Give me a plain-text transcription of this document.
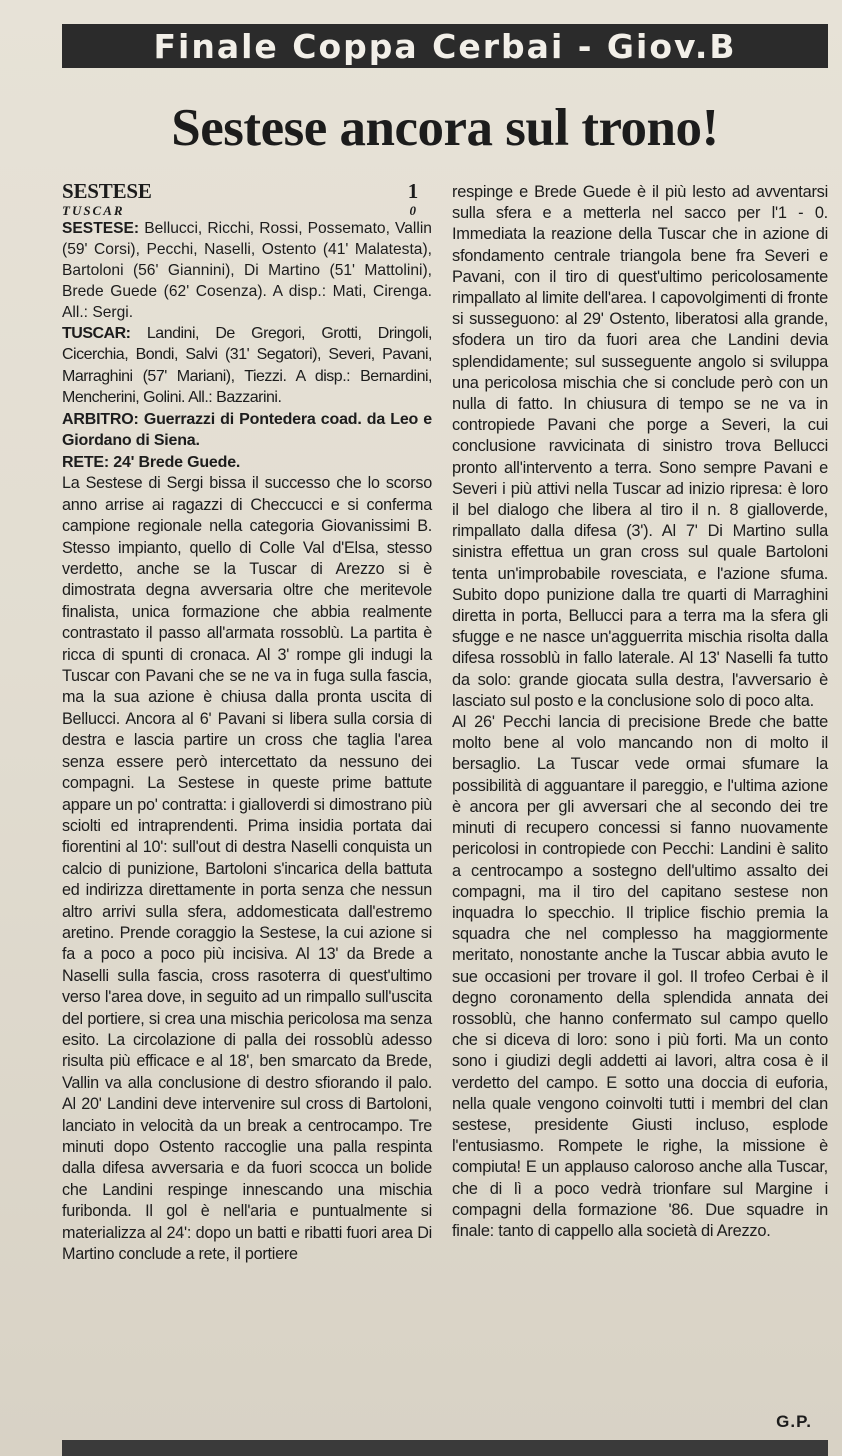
Finale Coppa Cerbai - Giov.B
Sestese ancora sul trono!
SESTESE	1
TUSCAR	0
SESTESE: Bellucci, Ricchi, Rossi, Possemato, Vallin (59' Corsi), Pecchi, Naselli, Ostento (41' Malatesta), Bartoloni (56' Giannini), Di Martino (51' Mattolini), Brede Guede (62' Cosenza). A disp.: Mati, Cirenga. All.: Sergi.
TUSCAR: Landini, De Gregori, Grotti, Dringoli, Cicerchia, Bondi, Salvi (31' Segatori), Severi, Pavani, Marraghini (57' Mariani), Tiezzi. A disp.: Bernardini, Mencherini, Golini. All.: Bazzarini.
ARBITRO: Guerrazzi di Pontedera coad. da Leo e Giordano di Siena.
RETE: 24' Brede Guede.

La Sestese di Sergi bissa il successo che lo scorso anno arrise ai ragazzi di Checcucci e si conferma campione regionale nella categoria Giovanissimi B. Stesso impianto, quello di Colle Val d'Elsa, stesso verdetto, anche se la Tuscar di Arezzo si è dimostrata degna avversaria oltre che meritevole finalista, unica formazione che abbia realmente contrastato il passo all'armata rossoblù. La partita è ricca di spunti di cronaca. Al 3' rompe gli indugi la Tuscar con Pavani che se ne va in fuga sulla fascia, ma la sua azione è chiusa dalla pronta uscita di Bellucci. Ancora al 6' Pavani si libera sulla corsia di destra e lascia partire un cross che taglia l'area senza essere però intercettato da nessuno dei compagni. La Sestese in queste prime battute appare un po' contratta: i gialloverdi si dimostrano più sciolti ed intraprendenti. Prima insidia portata dai fiorentini al 10': sull'out di destra Naselli conquista un calcio di punizione, Bartoloni s'incarica della battuta ed indirizza direttamente in porta senza che nessun altro arrivi sulla sfera, addomesticata dall'estremo aretino. Prende coraggio la Sestese, la cui azione si fa a poco a poco più incisiva. Al 13' da Brede a Naselli sulla fascia, cross rasoterra di quest'ultimo verso l'area dove, in seguito ad un rimpallo sull'uscita del portiere, si crea una mischia pericolosa ma senza esito. La circolazione di palla dei rossoblù adesso risulta più efficace e al 18', ben smarcato da Brede, Vallin va alla conclusione di destro sfiorando il palo. Al 20' Landini deve intervenire sul cross di Bartoloni, lanciato in velocità da un break a centrocampo. Tre minuti dopo Ostento raccoglie una palla respinta dalla difesa avversaria e da fuori scocca un bolide che Landini respinge innescando una mischia furibonda. Il gol è nell'aria e puntualmente si materializza al 24': dopo un batti e ribatti fuori area Di Martino conclude a rete, il portiere

respinge e Brede Guede è il più lesto ad avventarsi sulla sfera e a metterla nel sacco per l'1 - 0. Immediata la reazione della Tuscar che in azione di sfondamento centrale triangola bene fra Severi e Pavani, con il tiro di quest'ultimo pericolosamente rimpallato al limite dell'area. I capovolgimenti di fronte si susseguono: al 29' Ostento, liberatosi alla grande, sfodera un tiro da fuori area che Landini devia splendidamente; sul susseguente angolo si sviluppa una pericolosa mischia che si conclude però con un nulla di fatto. In chiusura di tempo se ne va in contropiede Pavani che porge a Severi, la cui conclusione ravvicinata di sinistro trova Bellucci pronto all'intervento a terra. Sono sempre Pavani e Severi i più attivi nella Tuscar ad inizio ripresa: è loro il bel dialogo che libera al tiro il n. 8 gialloverde, rimpallato dalla difesa (3'). Al 7' Di Martino sulla sinistra effettua un gran cross sul quale Bartoloni tenta un'improbabile rovesciata, e l'azione sfuma. Subito dopo punizione dalla tre quarti di Marraghini diretta in porta, Bellucci para a terra ma la sfera gli sfugge e ne nasce un'agguerrita mischia risolta dalla difesa rossoblù in fallo laterale. Al 13' Naselli fa tutto da solo: grande giocata sulla destra, l'avversario è lasciato sul posto e la conclusione solo di poco alta.

Al 26' Pecchi lancia di precisione Brede che batte molto bene al volo mancando non di molto il bersaglio. La Tuscar vede ormai sfumare la possibilità di agguantare il pareggio, e l'ultima azione è ancora per gli avversari che al secondo dei tre minuti di recupero concessi si fanno nuovamente pericolosi in contropiede con Pecchi: Landini è salito a centrocampo a sostegno dell'ultimo assalto dei compagni, ma il tiro del capitano sestese non inquadra lo specchio. Il triplice fischio premia la squadra che nel complesso ha maggiormente meritato, nonostante anche la Tuscar abbia avuto le sue occasioni per trovare il gol. Il trofeo Cerbai è il degno coronamento della splendida annata dei rossoblù, che hanno confermato sul campo quello che si diceva di loro: sono i più forti. Ma un conto sono i giudizi degli addetti ai lavori, altra cosa è il verdetto del campo. E sotto una doccia di euforia, nella quale vengono coinvolti tutti i membri del clan sestese, presidente Giusti incluso, esplode l'entusiasmo. Rompete le righe, la missione è compiuta! E un applauso caloroso anche alla Tuscar, che di lì a poco vedrà trionfare sul Margine i compagni della formazione '86. Due squadre in finale: tanto di cappello alla società di Arezzo.

G.P.
